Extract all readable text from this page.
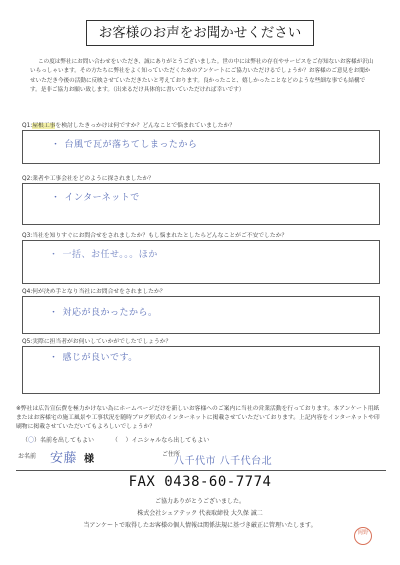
お客様のお声をお聞かせください
この度は弊社にお問い合わせをいただき、誠にありがとうございました。世の中には弊社の存在やサービスをご存知ないお客様が沢山いらっしゃいます。その方たちに弊社をよく知っていただくためのアンケートにご協力いただけるでしょうか？お客様のご意見をお聞かせいただき今後の活動に反映させていただきたいと考えております。良かったこと、嬉しかったことなどのような些細な事でも結構です。是非ご協力お願い致します。（出来るだけ具体的に書いていただければ幸いです）
Q1:屋根工事を検討したきっかけは何ですか？どんなことで悩まれていましたか？
・ 台風で瓦が落ちてしまったから
Q2:業者や工事会社をどのように探されましたか？
・ インターネットで
Q3:当社を知りすぐにお問合せをされましたか？もし悩まれたとしたらどんなことがご不安でしたか？
・ 一括、お任せ。。。ほか
Q4:何が決め手となり当社にお問合せをされましたか？
・ 対応が良かったから。
Q5:実際に担当者がお伺いしていかがでしたでしょうか？
・ 感じが良いです。
※弊社は広告宣伝費を極力かけない為にホームページだけを新しいお客様へのご案内に当社の営業活動を行っております。本アンケート用紙またはお客様宅の施工風景や工事状況を随時ブログ形式のインターネットに掲載させていただいております。上記内容をインターネットや印刷物に掲載させていただいてもよろしいでしょうか？
（〇）名前を出してもよい	（    ）イニシャルなら出してもよい
お名前 安藤 様	ご住所
八千代市 八千代台北
FAX 0438-60-7774
ご協力ありがとうございました。
株式会社シェアテック 代表取締役 大久保 誠二
当アンケートで取得したお客様の個人情報は関係法規に基づき厳正に管理いたします。
岡野
